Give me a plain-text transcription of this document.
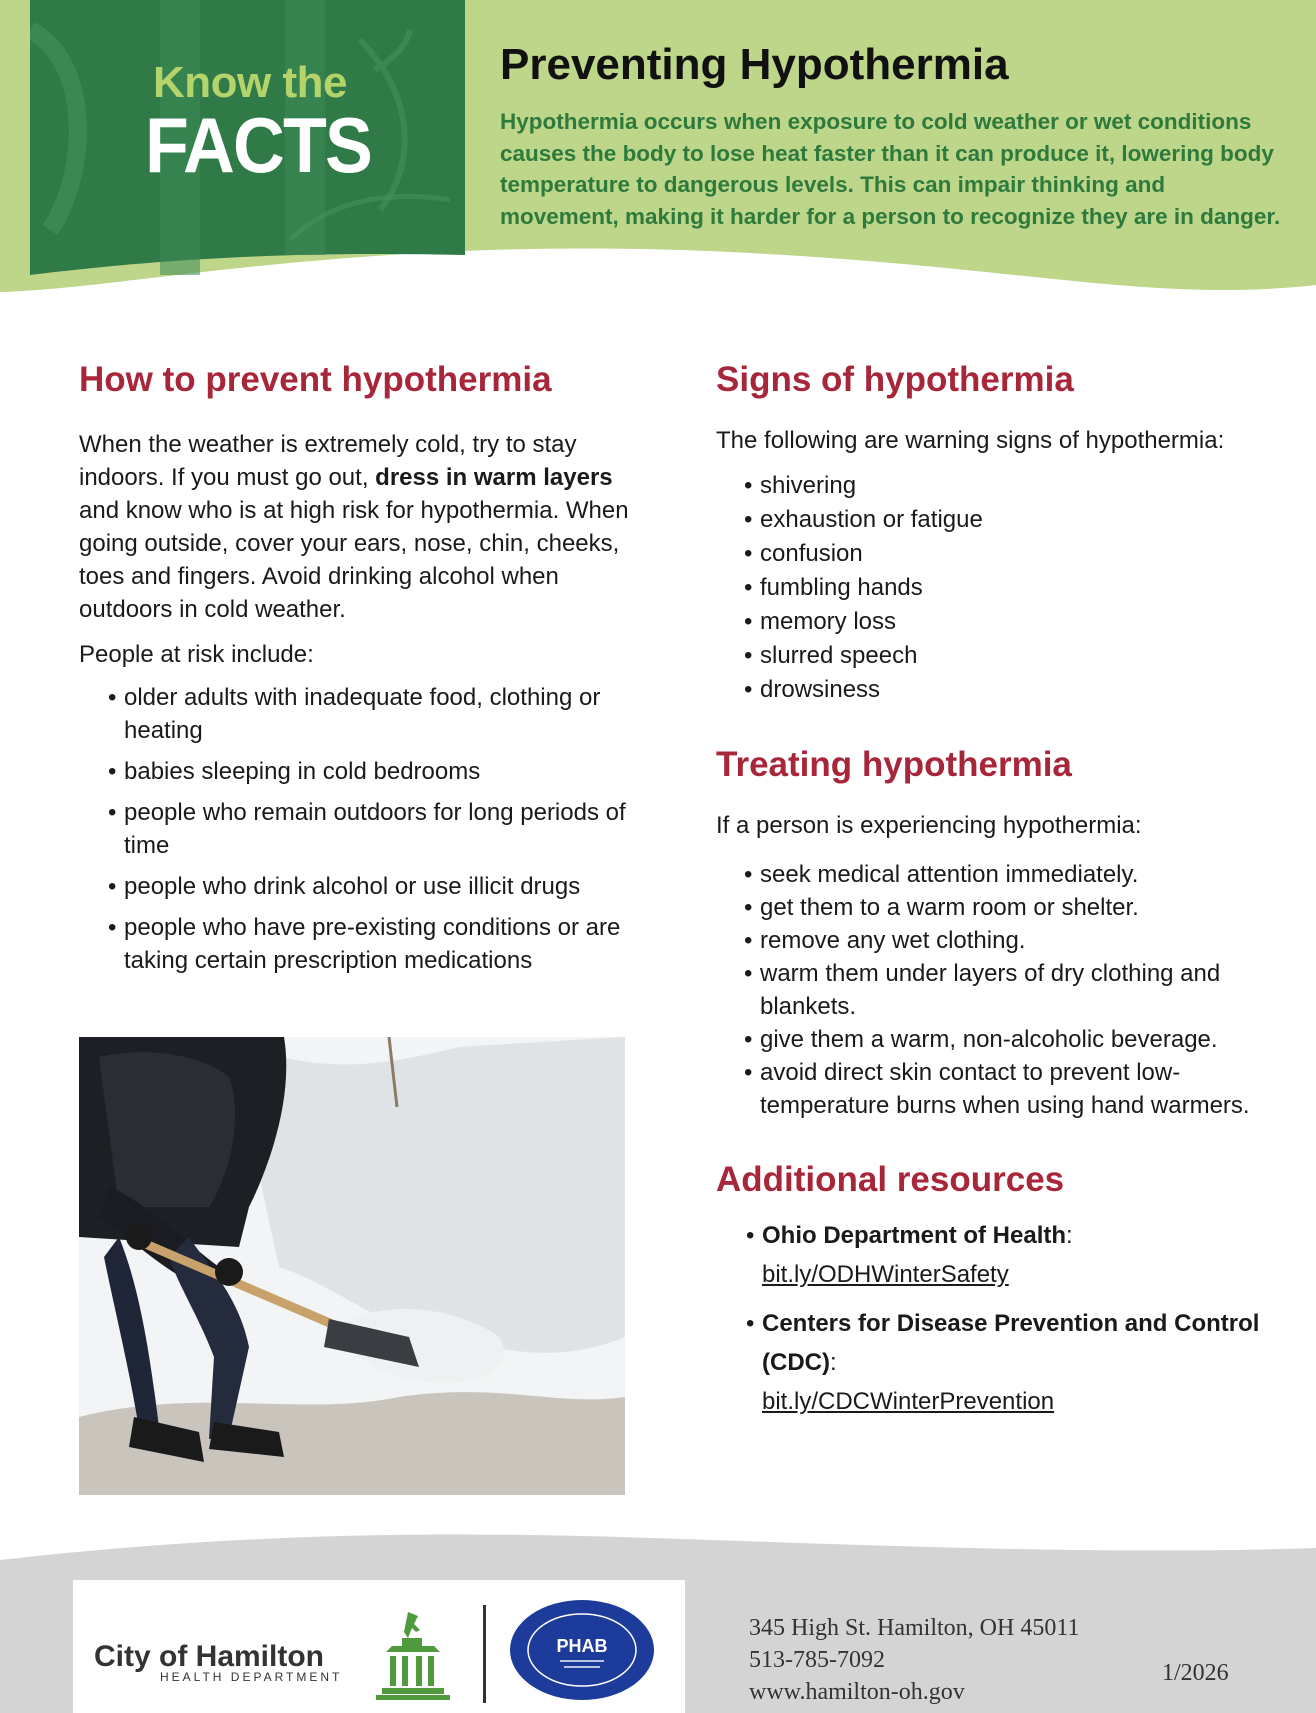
Know the
FACTS
Preventing Hypothermia

Hypothermia occurs when exposure to cold weather or wet conditions causes the body to lose heat faster than it can produce it, lowering body temperature to dangerous levels. This can impair thinking and movement, making it harder for a person to recognize they are in danger.

How to prevent hypothermia

When the weather is extremely cold, try to stay indoors. If you must go out, dress in warm layers and know who is at high risk for hypothermia. When going outside, cover your ears, nose, chin, cheeks, toes and fingers. Avoid drinking alcohol when outdoors in cold weather.

People at risk include:

• older adults with inadequate food, clothing or heating
• babies sleeping in cold bedrooms
• people who remain outdoors for long periods of time
• people who drink alcohol or use illicit drugs
• people who have pre-existing conditions or are taking certain prescription medications
Signs of hypothermia

The following are warning signs of hypothermia:

• shivering
• exhaustion or fatigue
• confusion
• fumbling hands
• memory loss
• slurred speech
• drowsiness
Treating hypothermia

If a person is experiencing hypothermia:

• seek medical attention immediately.
• get them to a warm room or shelter.
• remove any wet clothing.
• warm them under layers of dry clothing and blankets.
• give them a warm, non-alcoholic beverage.
• avoid direct skin contact to prevent low-temperature burns when using hand warmers.
Additional resources
• Ohio Department of Health:
bit.ly/ODHWinterSafety
• Centers for Disease Prevention and Control (CDC):
bit.ly/CDCWinterPrevention
City of Hamilton
HEALTH DEPARTMENT
PHAB
345 High St. Hamilton, OH 45011
513-785-7092
www.hamilton-oh.gov
1/2026
